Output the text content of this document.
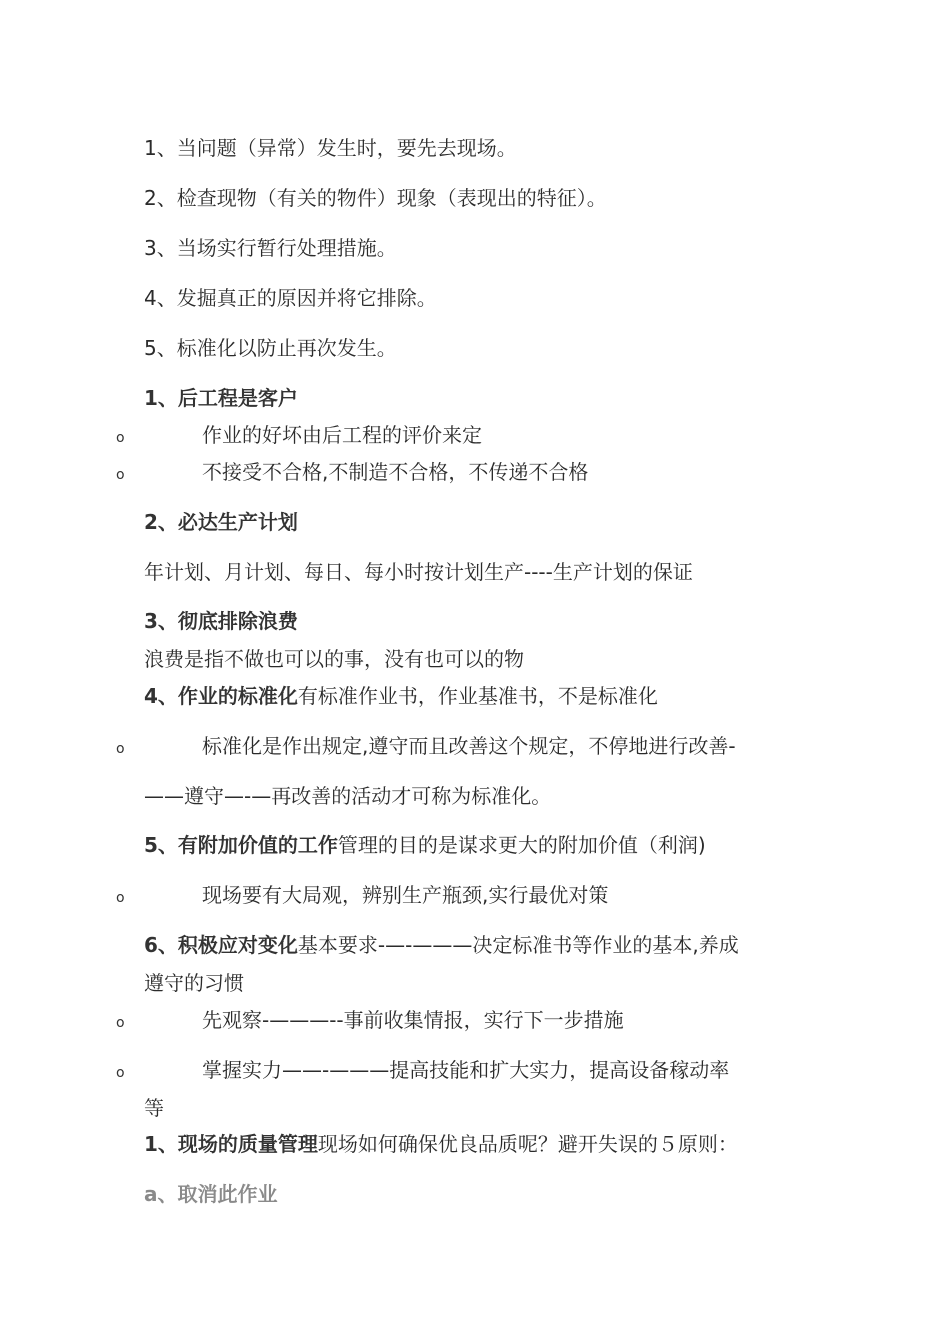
1、当问题（异常）发生时，要先去现场。
2、检查现物（有关的物件）现象（表现出的特征）。
3、当场实行暂行处理措施。
4、发掘真正的原因并将它排除。
5、标准化以防止再次发生。
1、后工程是客户
o	作业的好坏由后工程的评价来定
o	不接受不合格,不制造不合格，不传递不合格
2、必达生产计划
年计划、月计划、每日、每小时按计划生产----生产计划的保证
3、彻底排除浪费
浪费是指不做也可以的事，没有也可以的物
4、作业的标准化有标准作业书，作业基准书，不是标准化
o	标准化是作出规定,遵守而且改善这个规定，不停地进行改善-
——遵守—-—再改善的活动才可称为标准化。
5、有附加价值的工作管理的目的是谋求更大的附加价值（利润)
o	现场要有大局观，辨别生产瓶颈,实行最优对策
6、积极应对变化基本要求-—-———决定标准书等作业的基本,养成
遵守的习惯
o	先观察-———--事前收集情报，实行下一步措施
o	掌握实力——-———提高技能和扩大实力，提高设备稼动率
等
1、现场的质量管理现场如何确保优良品质呢？避开失误的５原则：
a、取消此作业
